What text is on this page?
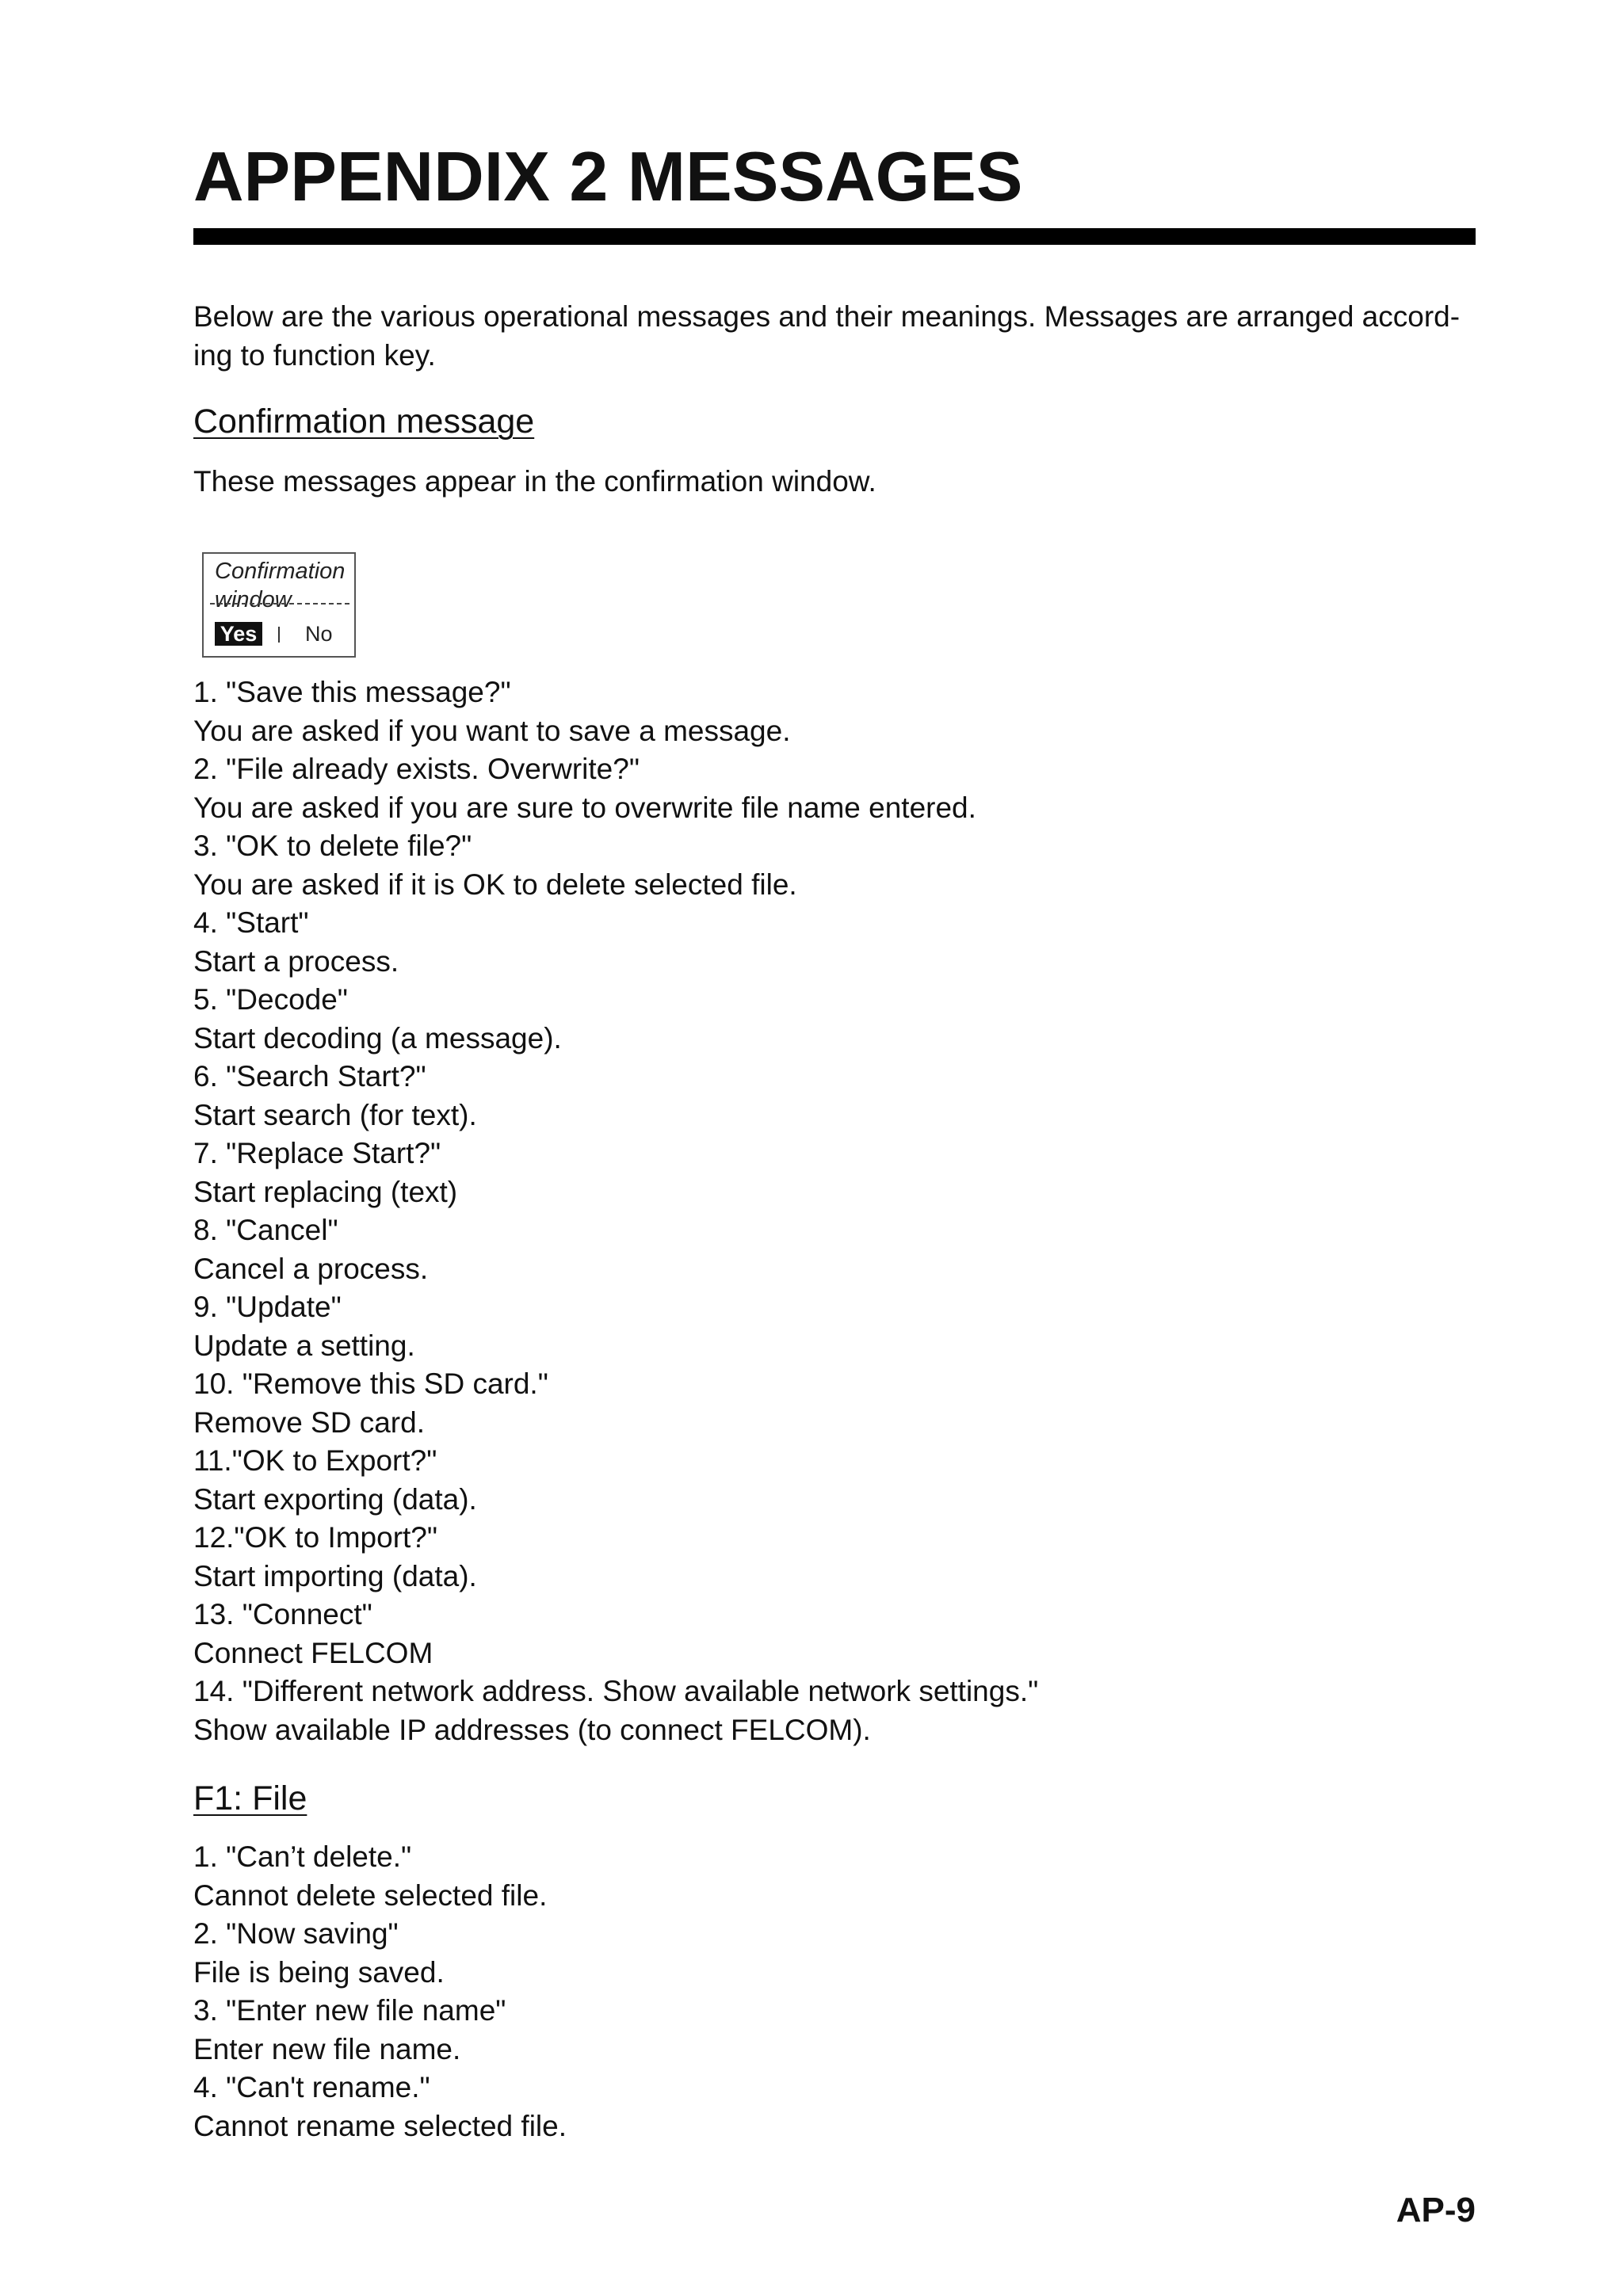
APPENDIX 2 MESSAGES

Below are the various operational messages and their meanings. Messages are arranged accord-
ing to function key.

Confirmation message

These messages appear in the confirmation window.

Confirmation
window
Yes No
1. "Save this message?"
You are asked if you want to save a message.
2. "File already exists. Overwrite?"
You are asked if you are sure to overwrite file name entered.
3. "OK to delete file?"
You are asked if it is OK to delete selected file.
4. "Start"
Start a process.
5. "Decode"
Start decoding (a message).
6. "Search Start?"
Start search (for text).
7. "Replace Start?"
Start replacing (text)
8. "Cancel"
Cancel a process.
9. "Update"
Update a setting.
10. "Remove this SD card."
Remove SD card.
11."OK to Export?"
Start exporting (data).
12."OK to Import?"
Start importing (data).
13. "Connect"
Connect FELCOM
14. "Different network address. Show available network settings."
Show available IP addresses (to connect FELCOM).
F1: File
1. "Can’t delete."
Cannot delete selected file.
2. "Now saving"
File is being saved.
3. "Enter new file name"
Enter new file name.
4. "Can't rename."
Cannot rename selected file.
AP-9
